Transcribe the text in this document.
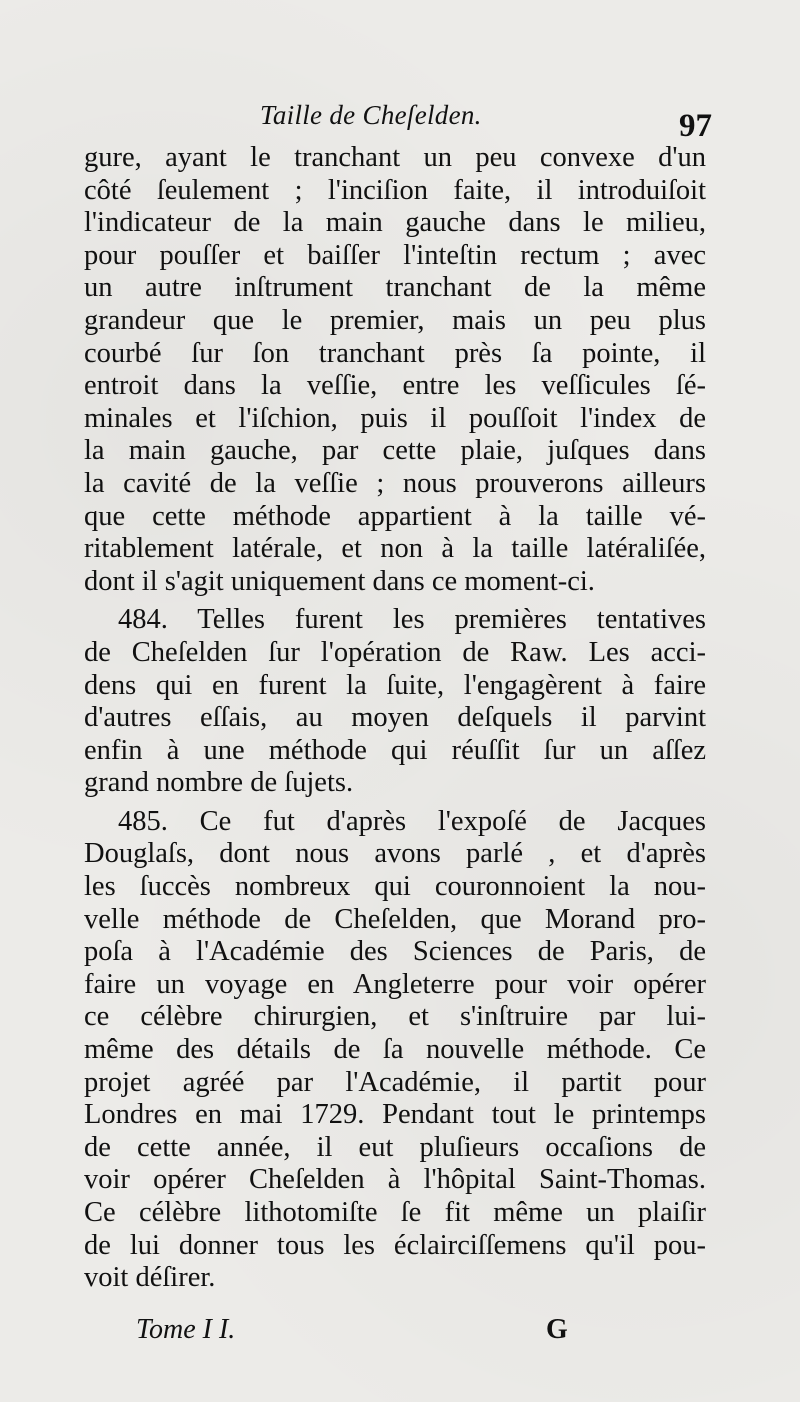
Taille de Cheſelden.	97
gure, ayant le tranchant un peu convexe d'un
côté ſeulement ; l'inciſion faite, il introduiſoit
l'indicateur de la main gauche dans le milieu,
pour pouſſer et baiſſer l'inteſtin rectum ; avec
un autre inſtrument tranchant de la même
grandeur que le premier, mais un peu plus
courbé ſur ſon tranchant près ſa pointe, il
entroit dans la veſſie, entre les veſſicules ſé-
minales et l'iſchion, puis il pouſſoit l'index de
la main gauche, par cette plaie, juſques dans
la cavité de la veſſie ; nous prouverons ailleurs
que cette méthode appartient à la taille vé-
ritablement latérale, et non à la taille latéraliſée,
dont il s'agit uniquement dans ce moment-ci.
484. Telles furent les premières tentatives
de Cheſelden ſur l'opération de Raw. Les acci-
dens qui en furent la ſuite, l'engagèrent à faire
d'autres eſſais, au moyen deſquels il parvint
enfin à une méthode qui réuſſit ſur un aſſez
grand nombre de ſujets.
485. Ce fut d'après l'expoſé de Jacques
Douglaſs, dont nous avons parlé , et d'après
les ſuccès nombreux qui couronnoient la nou-
velle méthode de Cheſelden, que Morand pro-
poſa à l'Académie des Sciences de Paris, de
faire un voyage en Angleterre pour voir opérer
ce célèbre chirurgien, et s'inſtruire par lui-
même des détails de ſa nouvelle méthode. Ce
projet agréé par l'Académie, il partit pour
Londres en mai 1729. Pendant tout le printemps
de cette année, il eut pluſieurs occaſions de
voir opérer Cheſelden à l'hôpital Saint-Thomas.
Ce célèbre lithotomiſte ſe fit même un plaiſir
de lui donner tous les éclairciſſemens qu'il pou-
voit déſirer.
Tome I I.	G
